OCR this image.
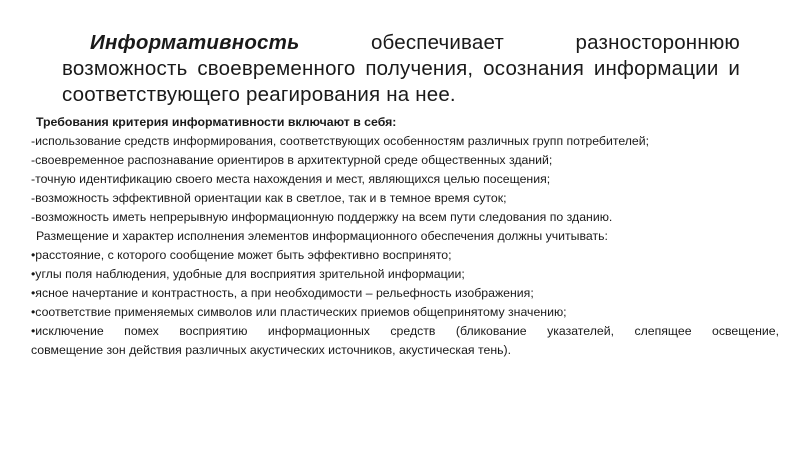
Информативность	обеспечивает разностороннюю возможность своевременного получения, осознания информации и соответствующего реагирования на нее.
Требования критерия информативности включают в себя:
-использование средств информирования, соответствующих особенностям различных групп потребителей;
-своевременное распознавание ориентиров в архитектурной среде общественных зданий;
-точную идентификацию своего места нахождения и мест, являющихся целью посещения;
-возможность эффективной ориентации как в светлое, так и в темное время суток;
-возможность иметь непрерывную информационную поддержку на всем пути следования по зданию.
Размещение и характер исполнения элементов информационного обеспечения должны учитывать:
•расстояние, с которого сообщение может быть эффективно воспринято;
•углы поля наблюдения, удобные для восприятия зрительной информации;
•ясное начертание и контрастность, а при необходимости – рельефность изображения;
•соответствие применяемых символов или пластических приемов общепринятому значению;
•исключение помех восприятию информационных средств (бликование указателей, слепящее освещение,
совмещение зон действия различных акустических источников, акустическая тень).
